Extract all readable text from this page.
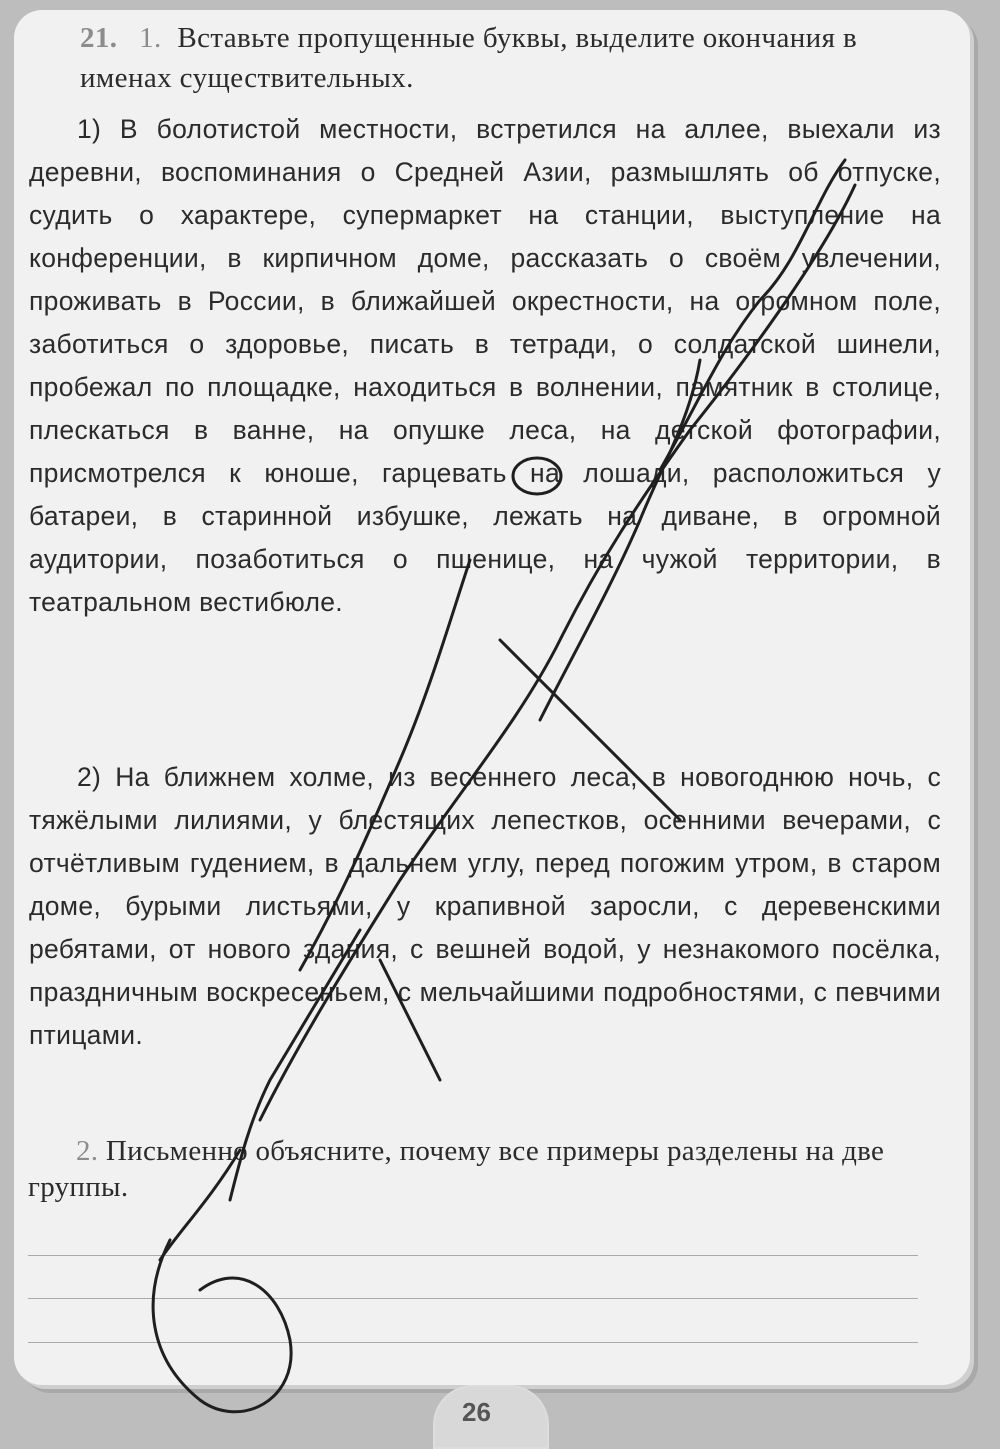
21. 1. Вставьте пропущенные буквы, выделите окончания в именах существительных.
1) В болотистой местности, встретился на аллее, выехали из деревни, воспоминания о Средней Азии, размышлять об отпуске, судить о характере, супермаркет на станции, выступление на конференции, в кирпичном доме, рассказать о своём увлечении, проживать в России, в ближайшей окрестности, на огромном поле, заботиться о здоровье, писать в тетради, о солдатской шинели, пробежал по площадке, находиться в волнении, памятник в столице, плескаться в ванне, на опушке леса, на детской фотографии, присмотрелся к юноше, гарцевать на лошади, расположиться у батареи, в старинной избушке, лежать на диване, в огромной аудитории, позаботиться о пшенице, на чужой территории, в театральном вестибюле.
2) На ближнем холме, из весеннего леса, в новогоднюю ночь, с тяжёлыми лилиями, у блестящих лепестков, осенними вечерами, с отчётливым гудением, в дальнем углу, перед погожим утром, в старом доме, бурыми листьями, у крапивной заросли, с деревенскими ребятами, от нового здания, с вешней водой, у незнакомого посёлка, праздничным воскресеньем, с мельчайшими подробностями, с певчими птицами.
2. Письменно объясните, почему все примеры разделены на две группы.
26
